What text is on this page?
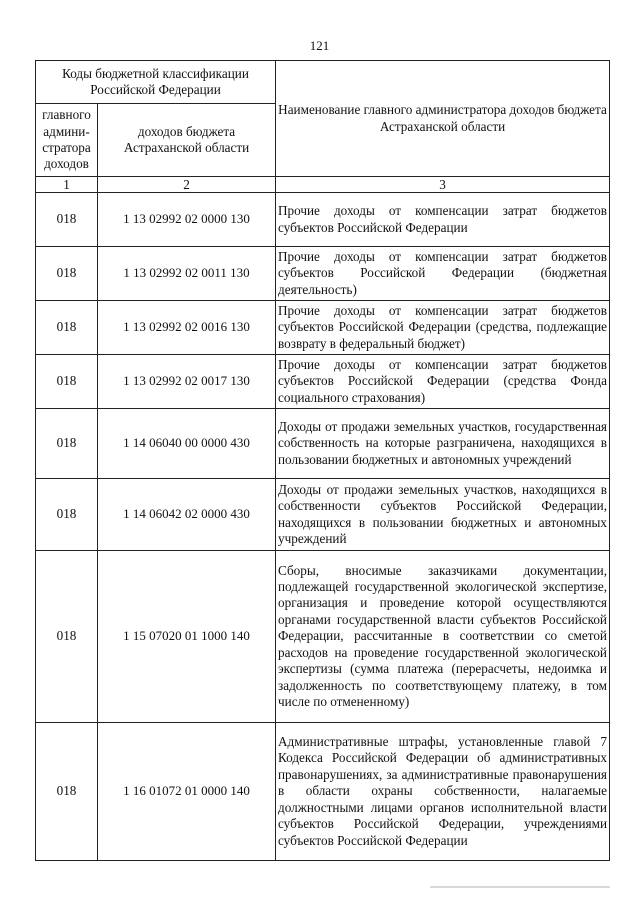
121
Коды бюджетной классификации Российской Федерации		Наименование главного администратора доходов бюджета Астраханской области
главного админи-стратора доходов	доходов бюджета Астраханской области	
1	2	3
018	1 13 02992 02 0000 130	Прочие доходы от компенсации затрат бюджетов субъектов Российской Федерации
018	1 13 02992 02 0011 130	Прочие доходы от компенсации затрат бюджетов субъектов Российской Федерации (бюджетная деятельность)
018	1 13 02992 02 0016 130	Прочие доходы от компенсации затрат бюджетов субъектов Российской Федерации (средства, подлежащие возврату в федеральный бюджет)
018	1 13 02992 02 0017 130	Прочие доходы от компенсации затрат бюджетов субъектов Российской Федерации (средства Фонда социального страхования)
018	1 14 06040 00 0000 430	Доходы от продажи земельных участков, государственная собственность на которые разграничена, находящихся в пользовании бюджетных и автономных учреждений
018	1 14 06042 02 0000 430	Доходы от продажи земельных участков, находящихся в собственности субъектов Российской Федерации, находящихся в пользовании бюджетных и автономных учреждений
018	1 15 07020 01 1000 140	Сборы, вносимые заказчиками документации, подлежащей государственной экологической экспертизе, организация и проведение которой осуществляются органами государственной власти субъектов Российской Федерации, рассчитанные в соответствии со сметой расходов на проведение государственной экологической экспертизы (сумма платежа (перерасчеты, недоимка и задолженность по соответствующему платежу, в том числе по отмененному)
018	1 16 01072 01 0000 140	Административные штрафы, установленные главой 7 Кодекса Российской Федерации об административных правонарушениях, за административные правонарушения в области охраны собственности, налагаемые должностными лицами органов исполнительной власти субъектов Российской Федерации, учреждениями субъектов Российской Федерации
